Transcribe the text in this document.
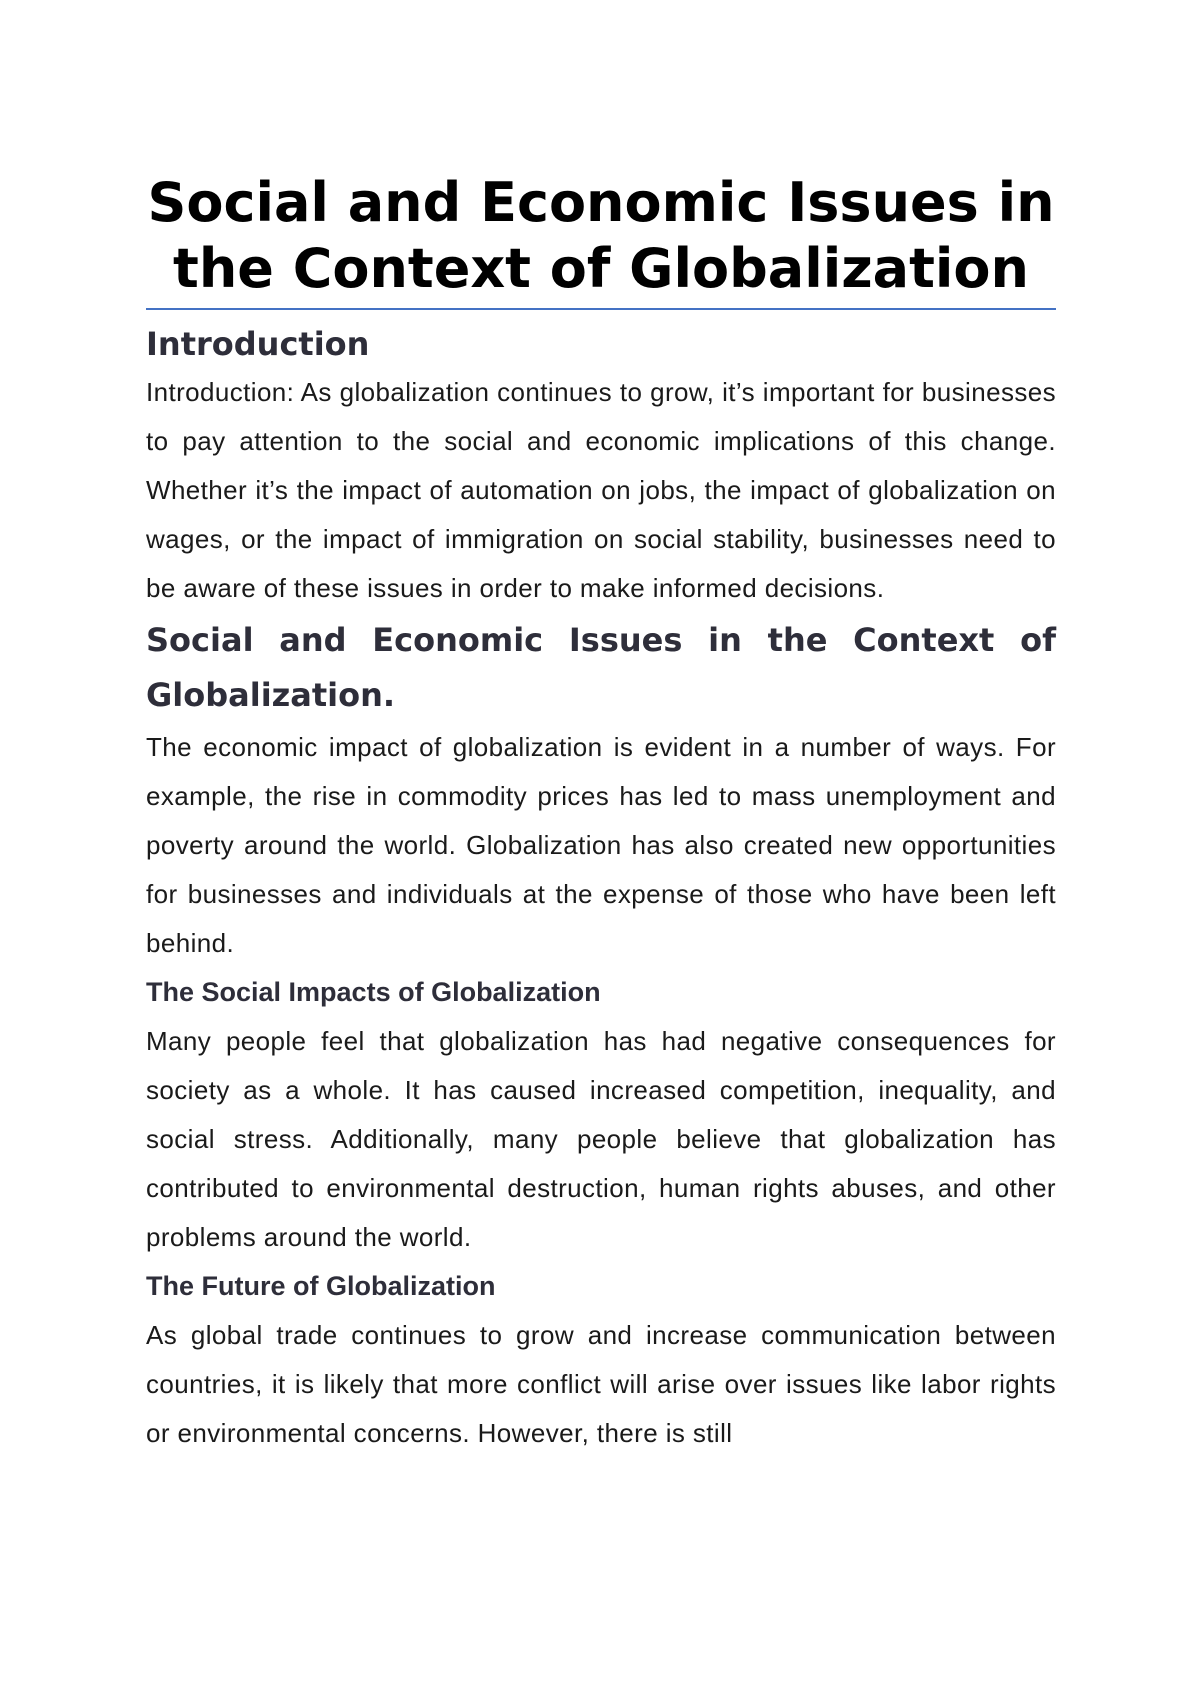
Social and Economic Issues in the Context of Globalization
Introduction

Introduction: As globalization continues to grow, it’s important for businesses to pay attention to the social and economic implications of this change. Whether it’s the impact of automation on jobs, the impact of globalization on wages, or the impact of immigration on social stability, businesses need to be aware of these issues in order to make informed decisions.

Social and Economic Issues in the Context of Globalization.

The economic impact of globalization is evident in a number of ways. For example, the rise in commodity prices has led to mass unemployment and poverty around the world. Globalization has also created new opportunities for businesses and individuals at the expense of those who have been left behind.

The Social Impacts of Globalization

Many people feel that globalization has had negative consequences for society as a whole. It has caused increased competition, inequality, and social stress. Additionally, many people believe that globalization has contributed to environmental destruction, human rights abuses, and other problems around the world.

The Future of Globalization

As global trade continues to grow and increase communication between countries, it is likely that more conflict will arise over issues like labor rights or environmental concerns. However, there is still
